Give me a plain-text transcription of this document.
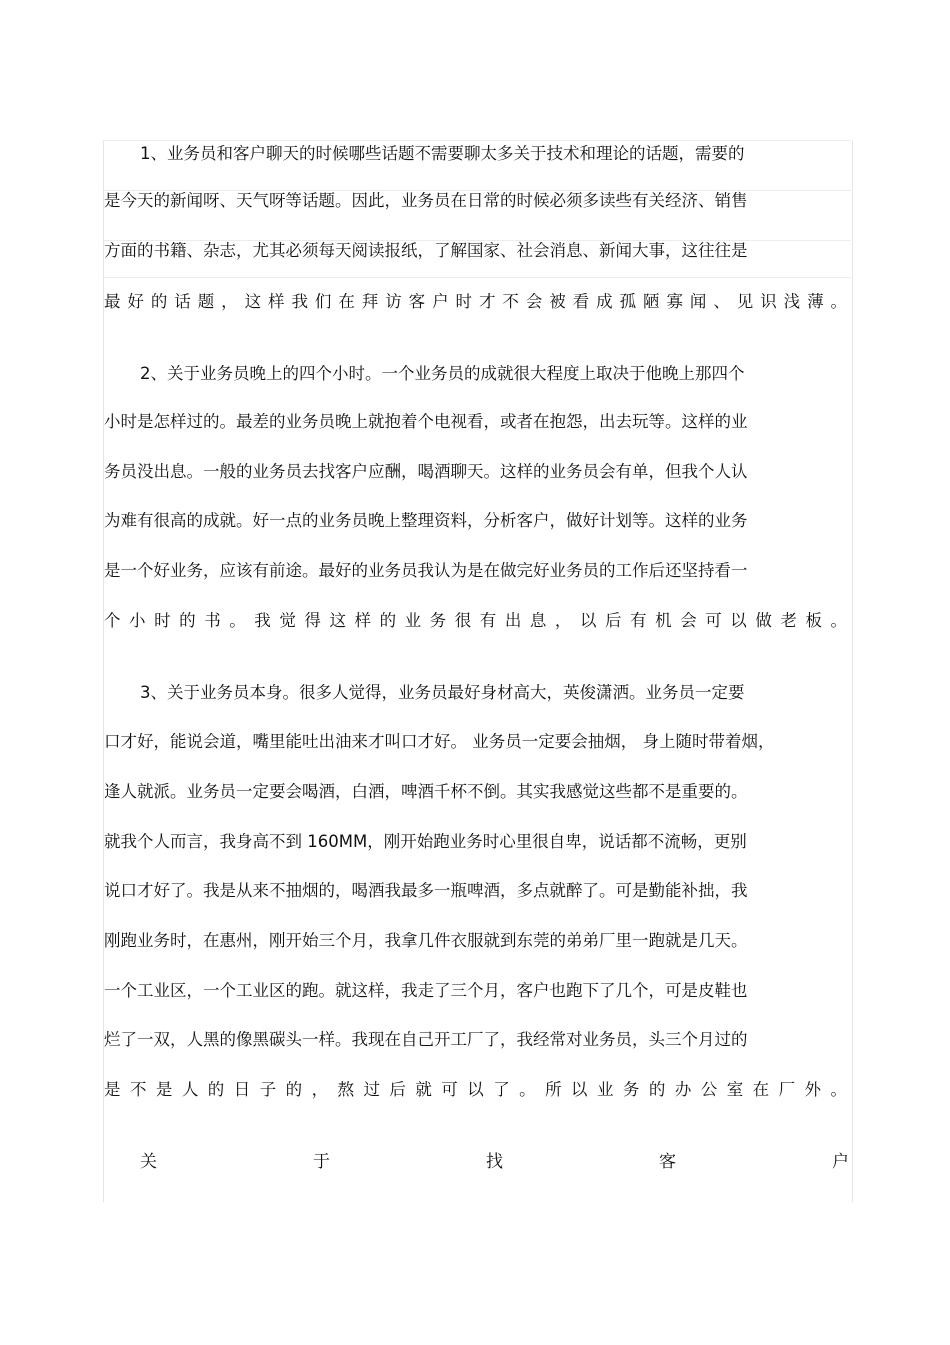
1、业务员和客户聊天的时候哪些话题不需要聊太多关于技术和理论的话题，需要的
是今天的新闻呀、天气呀等话题。因此，业务员在日常的时候必须多读些有关经济、销售
方面的书籍、杂志，尤其必须每天阅读报纸，了解国家、社会消息、新闻大事，这往往是
最好的话题，这样我们在拜访客户时才不会被看成孤陋寡闻、见识浅薄。
2、关于业务员晚上的四个小时。一个业务员的成就很大程度上取决于他晚上那四个
小时是怎样过的。最差的业务员晚上就抱着个电视看，或者在抱怨，出去玩等。这样的业
务员没出息。一般的业务员去找客户应酬，喝酒聊天。这样的业务员会有单，但我个人认
为难有很高的成就。好一点的业务员晚上整理资料，分析客户，做好计划等。这样的业务
是一个好业务，应该有前途。最好的业务员我认为是在做完好业务员的工作后还坚持看一
个小时的书。我觉得这样的业务很有出息，以后有机会可以做老板。
3、关于业务员本身。很多人觉得，业务员最好身材高大，英俊潇洒。业务员一定要
口才好，能说会道，嘴里能吐出油来才叫口才好。 业务员一定要会抽烟， 身上随时带着烟，
逢人就派。业务员一定要会喝酒，白酒，啤酒千杯不倒。其实我感觉这些都不是重要的。
就我个人而言，我身高不到 160MM，刚开始跑业务时心里很自卑，说话都不流畅，更别
说口才好了。我是从来不抽烟的，喝酒我最多一瓶啤酒，多点就醉了。可是勤能补拙，我
刚跑业务时，在惠州，刚开始三个月，我拿几件衣服就到东莞的弟弟厂里一跑就是几天。
一个工业区，一个工业区的跑。就这样，我走了三个月，客户也跑下了几个，可是皮鞋也
烂了一双，人黑的像黑碳头一样。我现在自己开工厂了，我经常对业务员，头三个月过的
是不是人的日子的，熬过后就可以了。所以业务的办公室在厂外。
关	于	找	客	户
